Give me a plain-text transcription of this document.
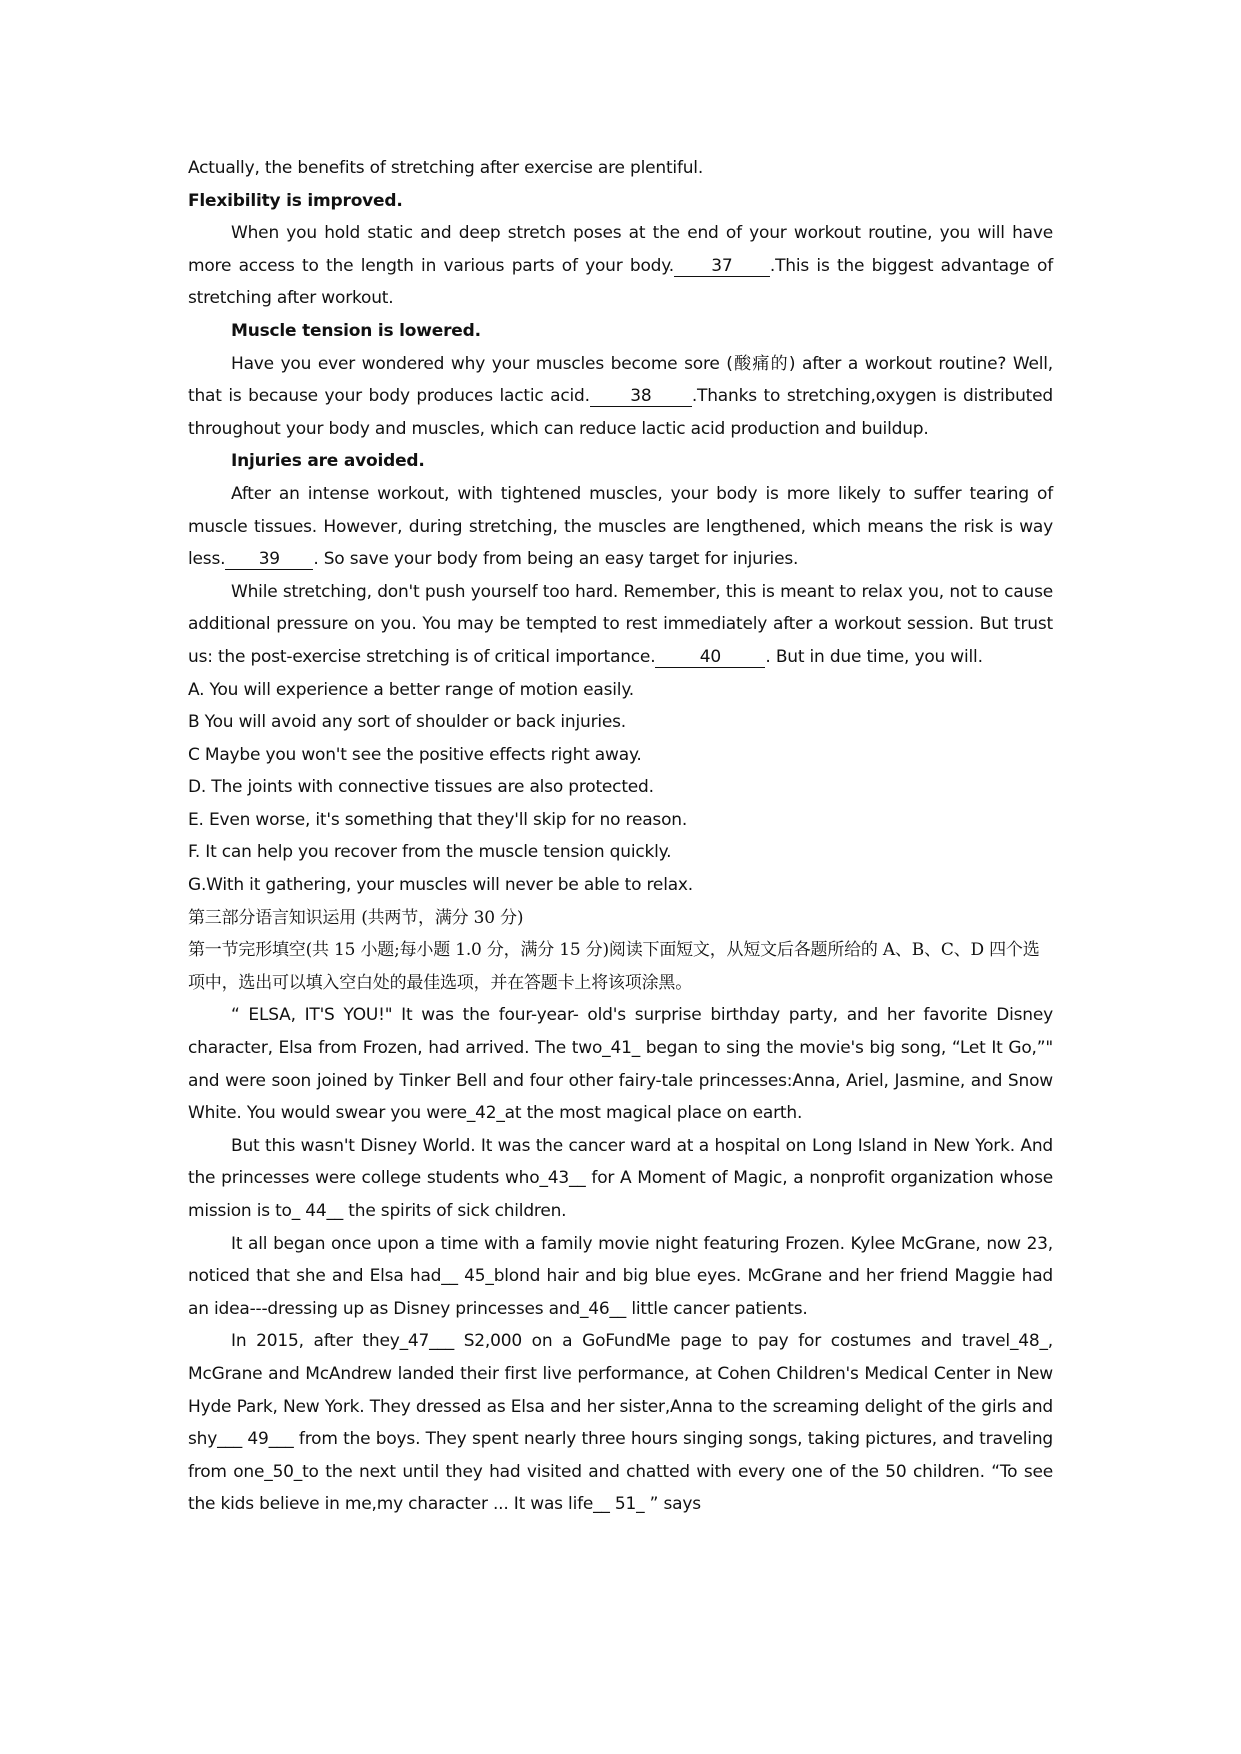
Actually, the benefits of stretching after exercise are plentiful.

Flexibility is improved.

When you hold static and deep stretch poses at the end of your workout routine, you will have more access to the length in various parts of your body. 37 .This is the biggest advantage of stretching after workout.

Muscle tension is lowered.

Have you ever wondered why your muscles become sore (酸痛的) after a workout routine? Well, that is because your body produces lactic acid. 38 .Thanks to stretching,oxygen is distributed throughout your body and muscles, which can reduce lactic acid production and buildup.

Injuries are avoided.

After an intense workout, with tightened muscles, your body is more likely to suffer tearing of muscle tissues. However, during stretching, the muscles are lengthened, which means the risk is way less. 39 . So save your body from being an easy target for injuries.

While stretching, don't push yourself too hard. Remember, this is meant to relax you, not to cause additional pressure on you. You may be tempted to rest immediately after a workout session. But trust us: the post-exercise stretching is of critical importance.	40	. But in due time, you will.

A. You will experience a better range of motion easily.

B You will avoid any sort of shoulder or back injuries.

C Maybe you won't see the positive effects right away.

D. The joints with connective tissues are also protected.

E. Even worse, it's something that they'll skip for no reason.

F. It can help you recover from the muscle tension quickly.

G.With it gathering, your muscles will never be able to relax.

第三部分语言知识运用 (共两节，满分 30 分)

第一节完形填空(共 15 小题;每小题 1.0 分，满分 15 分)阅读下面短文，从短文后各题所给的 A、B、C、D 四个选项中，选出可以填入空白处的最佳选项，并在答题卡上将该项涂黑。

“ ELSA, IT'S YOU!" It was the four-year- old's surprise birthday party, and her favorite Disney character, Elsa from Frozen, had arrived. The two_41_ began to sing the movie's big song, “Let It Go,”" and were soon joined by Tinker Bell and four other fairy-tale princesses:Anna, Ariel, Jasmine, and Snow White. You would swear you were_42_at the most magical place on earth.

But this wasn't Disney World. It was the cancer ward at a hospital on Long Island in New York. And the princesses were college students who_43__ for A Moment of Magic, a nonprofit organization whose mission is to_ 44__ the spirits of sick children.

It all began once upon a time with a family movie night featuring Frozen. Kylee McGrane, now 23, noticed that she and Elsa had__ 45_blond hair and big blue eyes. McGrane and her friend Maggie had an idea---dressing up as Disney princesses and_46__ little cancer patients.

In 2015, after they_47___ S2,000 on a GoFundMe page to pay for costumes and travel_48_, McGrane and McAndrew landed their first live performance, at Cohen Children's Medical Center in New Hyde Park, New York. They dressed as Elsa and her sister,Anna to the screaming delight of the girls and shy___ 49___ from the boys. They spent nearly three hours singing songs, taking pictures, and traveling from one_50_to the next until they had visited and chatted with every one of the 50 children. “To see the kids believe in me,my character ... It was life__ 51_ ” says
